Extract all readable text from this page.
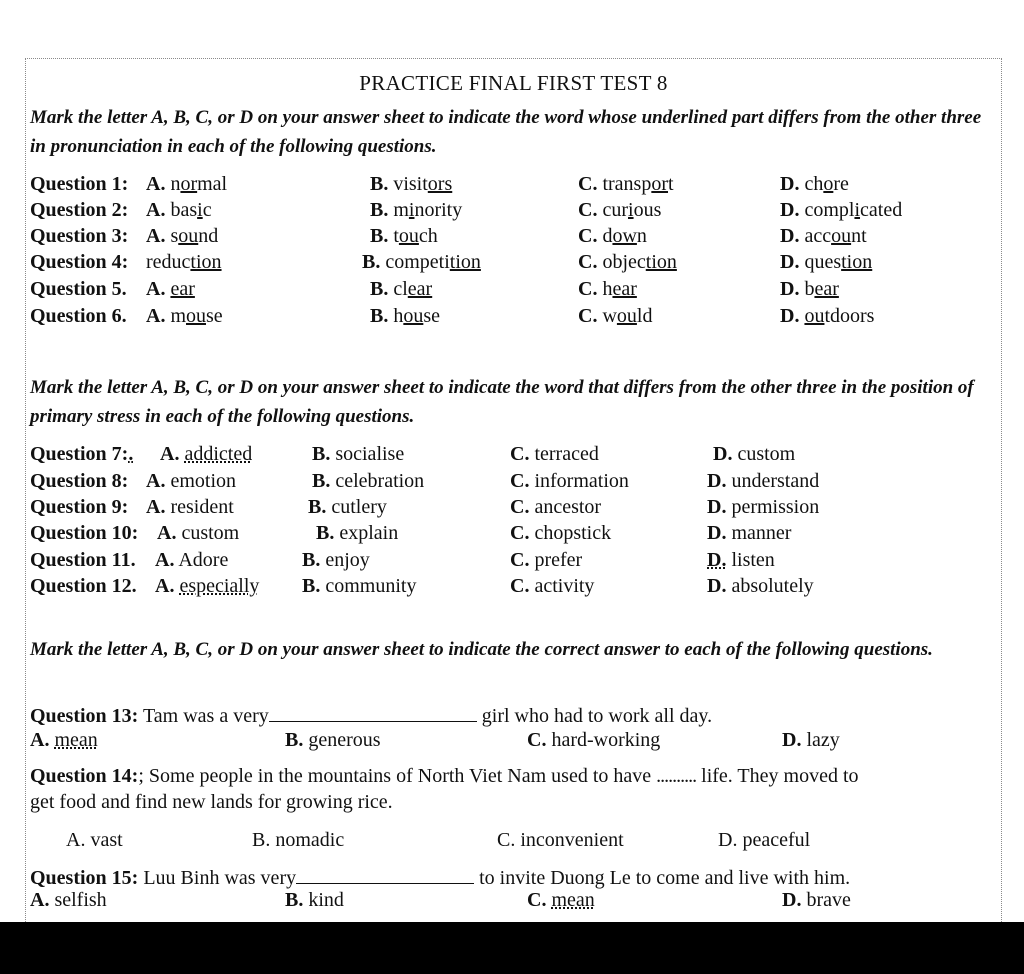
PRACTICE FINAL FIRST TEST 8
Mark the letter A, B, C, or D on your answer sheet to indicate the word whose underlined part differs from the other three in pronunciation in each of the following questions.
Question 1: A. normal	B. visitors	C. transport	D. chore
Question 2: A. basic	B. minority	C. curious	D. complicated
Question 3: A. sound	B. touch	C. down	D. account
Question 4: reduction	B. competition	C. objection	D. question
Question 5. A. ear	B. clear	C. hear	D. bear
Question 6. A. mouse	B. house	C. would	D. outdoors
Mark the letter A, B, C, or D on your answer sheet to indicate the word that differs from the other three in the position of primary stress in each of the following questions.
Question 7:. A. addicted	B. socialise	C. terraced	D. custom
Question 8: A. emotion	B. celebration	C. information	D. understand
Question 9: A. resident	B. cutlery	C. ancestor	D. permission
Question 10: A. custom	B. explain	C. chopstick	D. manner
Question 11. A. Adore	B. enjoy	C. prefer	D. listen
Question 12. A. especially B. community	C. activity	D. absolutely
Mark the letter A, B, C, or D on your answer sheet to indicate the correct answer to each of the following questions.
Question 13: Tam was a very	girl who had to work all day.
A. mean	B. generous	C. hard-working	D. lazy
Question 14:; Some people in the mountains of North Viet Nam used to have .......... life. They moved to
get food and find new lands for growing rice.
A. vast	B. nomadic	C. inconvenient	D. peaceful
Question 15: Luu Binh was very	to invite Duong Le to come and live with him.
A. selfish	B. kind	C. mean	D. brave
